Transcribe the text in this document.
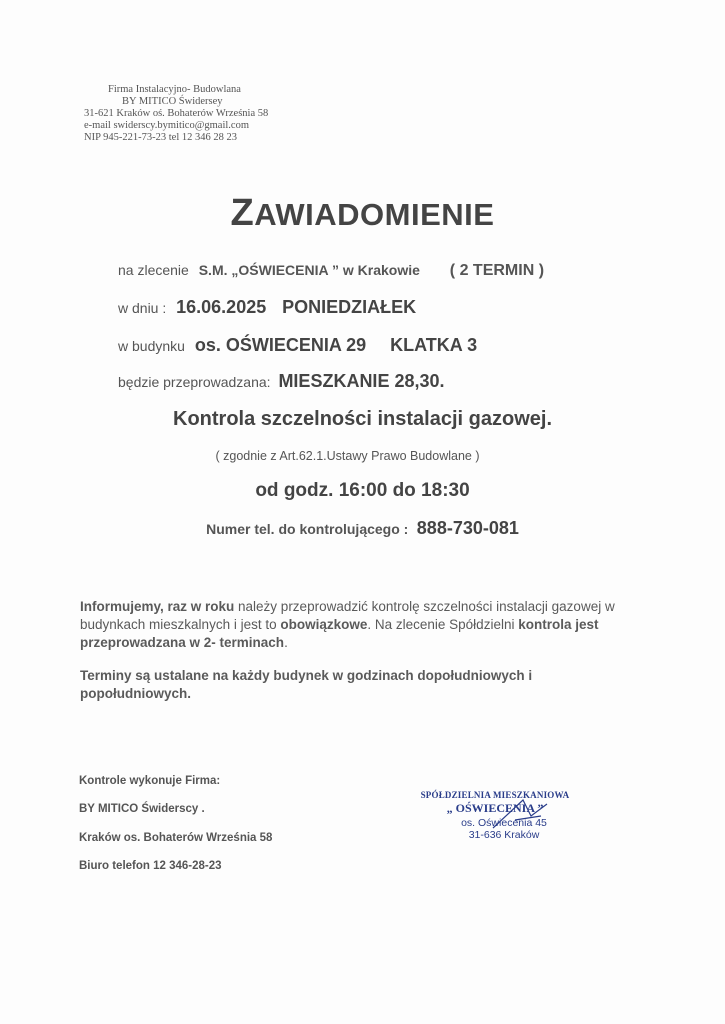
Firma Instalacyjno- Budowlana
BY MITICO Świdersey
31-621 Kraków oś. Bohaterów Września 58
e-mail swiderscy.bymitico@gmail.com
NIP 945-221-73-23 tel 12 346 28 23
ZAWIADOMIENIE
na zlecenie S.M. „OŚWIECENIA ” w Krakowie ( 2 TERMIN )
w dniu : 16.06.2025 PONIEDZIAŁEK
w budynku os. OŚWIECENIA 29 KLATKA 3
będzie przeprowadzana: MIESZKANIE 28,30.
Kontrola szczelności instalacji gazowej.
( zgodnie z Art.62.1.Ustawy Prawo Budowlane )
od godz. 16:00 do 18:30
Numer tel. do kontrolującego : 888-730-081
Informujemy, raz w roku należy przeprowadzić kontrolę szczelności instalacji gazowej w budynkach mieszkalnych i jest to obowiązkowe. Na zlecenie Spółdzielni kontrola jest przeprowadzana w 2- terminach.
Terminy są ustalane na każdy budynek w godzinach dopołudniowych i popołudniowych.
Kontrole wykonuje Firma:
BY MITICO Świderscy .
Kraków os. Bohaterów Września 58
Biuro telefon 12 346-28-23
SPÓŁDZIELNIA MIESZKANIOWA
„ OŚWIECENIA ”
os. Oświecenia 45
31-636 Kraków
